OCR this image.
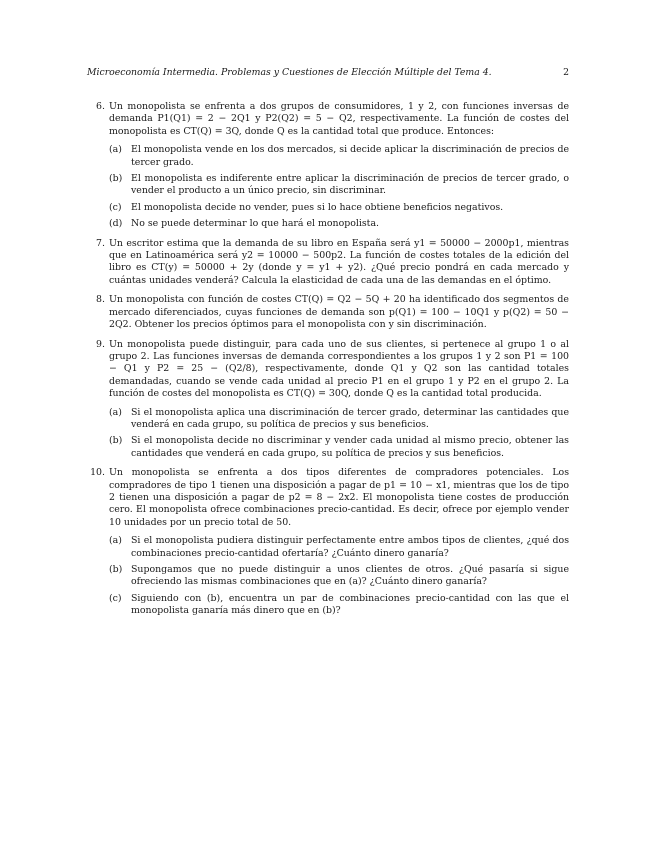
Microeconomía Intermedia. Problemas y Cuestiones de Elección Múltiple del Tema 4.	2
6. Un monopolista se enfrenta a dos grupos de consumidores, 1 y 2, con funciones inversas de demanda P1(Q1) = 2 − 2Q1 y P2(Q2) = 5 − Q2, respectivamente. La función de costes del monopolista es CT(Q) = 3Q, donde Q es la cantidad total que produce. Entonces:

(a) El monopolista vende en los dos mercados, si decide aplicar la discriminación de precios de tercer grado.
(b) El monopolista es indiferente entre aplicar la discriminación de precios de tercer grado, o vender el producto a un único precio, sin discriminar.
(c) El monopolista decide no vender, pues si lo hace obtiene beneficios negativos.
(d) No se puede determinar lo que hará el monopolista.
7. Un escritor estima que la demanda de su libro en España será y1 = 50000 − 2000p1, mientras que en Latinoamérica será y2 = 10000 − 500p2. La función de costes totales de la edición del libro es CT(y) = 50000 + 2y (donde y = y1 + y2). ¿Qué precio pondrá en cada mercado y cuántas unidades venderá? Calcula la elasticidad de cada una de las demandas en el óptimo.

8. Un monopolista con función de costes CT(Q) = Q2 − 5Q + 20 ha identificado dos segmentos de mercado diferenciados, cuyas funciones de demanda son p(Q1) = 100 − 10Q1 y p(Q2) = 50 − 2Q2. Obtener los precios óptimos para el monopolista con y sin discriminación.

9. Un monopolista puede distinguir, para cada uno de sus clientes, si pertenece al grupo 1 o al grupo 2. Las funciones inversas de demanda correspondientes a los grupos 1 y 2 son P1 = 100 − Q1 y P2 = 25 − (Q2/8), respectivamente, donde Q1 y Q2 son las cantidad totales demandadas, cuando se vende cada unidad al precio P1 en el grupo 1 y P2 en el grupo 2. La función de costes del monopolista es CT(Q) = 30Q, donde Q es la cantidad total producida.

(a) Si el monopolista aplica una discriminación de tercer grado, determinar las cantidades que venderá en cada grupo, su política de precios y sus beneficios.
(b) Si el monopolista decide no discriminar y vender cada unidad al mismo precio, obtener las cantidades que venderá en cada grupo, su política de precios y sus beneficios.
10. Un monopolista se enfrenta a dos tipos diferentes de compradores potenciales. Los compradores de tipo 1 tienen una disposición a pagar de p1 = 10 − x1, mientras que los de tipo 2 tienen una disposición a pagar de p2 = 8 − 2x2. El monopolista tiene costes de producción cero. El monopolista ofrece combinaciones precio-cantidad. Es decir, ofrece por ejemplo vender 10 unidades por un precio total de 50.

(a) Si el monopolista pudiera distinguir perfectamente entre ambos tipos de clientes, ¿qué dos combinaciones precio-cantidad ofertaría? ¿Cuánto dinero ganaría?
(b) Supongamos que no puede distinguir a unos clientes de otros. ¿Qué pasaría si sigue ofreciendo las mismas combinaciones que en (a)? ¿Cuánto dinero ganaría?
(c) Siguiendo con (b), encuentra un par de combinaciones precio-cantidad con las que el monopolista ganaría más dinero que en (b)?
